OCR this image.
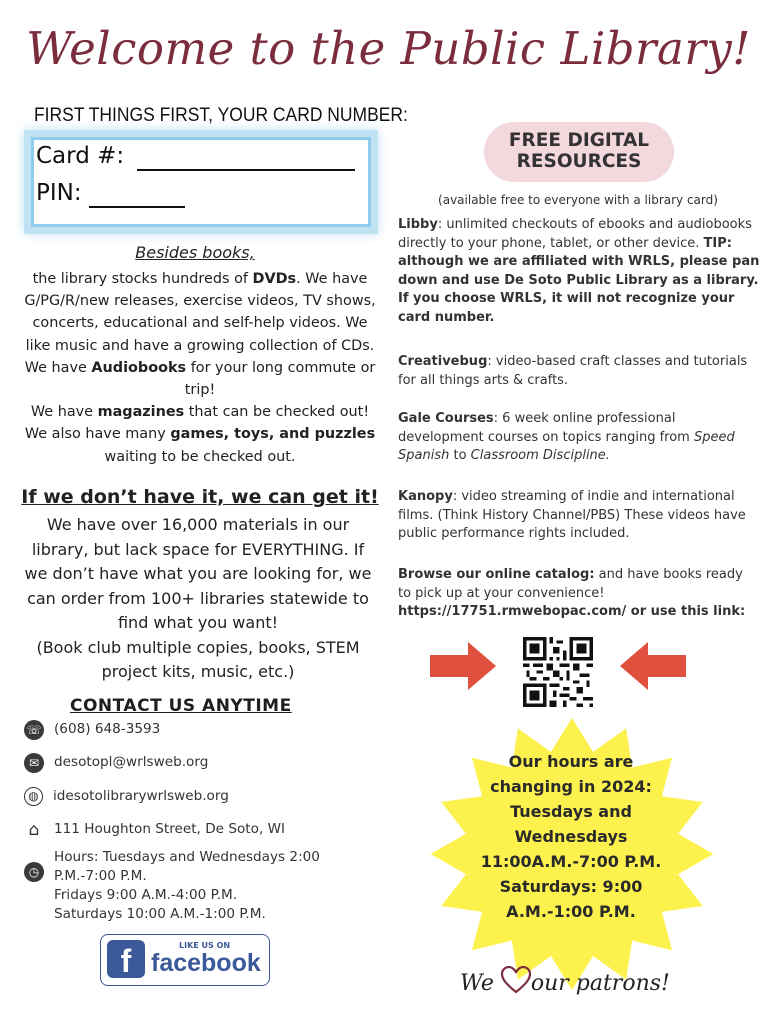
Welcome to the Public Library!
FIRST THINGS FIRST, YOUR CARD NUMBER:
Card #:
PIN:
Besides books,
the library stocks hundreds of DVDs. We have
G/PG/R/new releases, exercise videos, TV shows,
concerts, educational and self-help videos. We
like music and have a growing collection of CDs.
We have Audiobooks for your long commute or
trip!
We have magazines that can be checked out!
We also have many games, toys, and puzzles
waiting to be checked out.
If we don’t have it, we can get it!
We have over 16,000 materials in our
library, but lack space for EVERYTHING. If
we don’t have what you are looking for, we
can order from 100+ libraries statewide to
find what you want!
(Book club multiple copies, books, STEM
project kits, music, etc.)
CONTACT US ANYTIME
☏ (608) 648-3593
✉	desotopl@wrlsweb.org
◍	idesotolibrarywrlsweb.org
⌂	111 Houghton Street, De Soto, WI
◷
Hours: Tuesdays and Wednesdays 2:00
P.M.-7:00 P.M.
Fridays 9:00 A.M.-4:00 P.M.
Saturdays 10:00 A.M.-1:00 P.M.
f	LIKE US ON
facebook
FREE DIGITAL
RESOURCES
(available free to everyone with a library card)
Libby: unlimited checkouts of ebooks and audiobooks directly to your phone, tablet, or other device. TIP: although we are affiliated with WRLS, please pan down and use De Soto Public Library as a library. If you choose WRLS, it will not recognize your card number.
Creativebug: video-based craft classes and tutorials for all things arts & crafts.
Gale Courses: 6 week online professional development courses on topics ranging from Speed Spanish to Classroom Discipline.
Kanopy: video streaming of indie and international films. (Think History Channel/PBS) These videos have public performance rights included.
Browse our online catalog: and have books ready to pick up at your convenience!
https://17751.rmwebopac.com/ or use this link:
Our hours are
changing in 2024:
Tuesdays and
Wednesdays
11:00A.M.-7:00 P.M.
Saturdays: 9:00
A.M.-1:00 P.M.
We our patrons!
